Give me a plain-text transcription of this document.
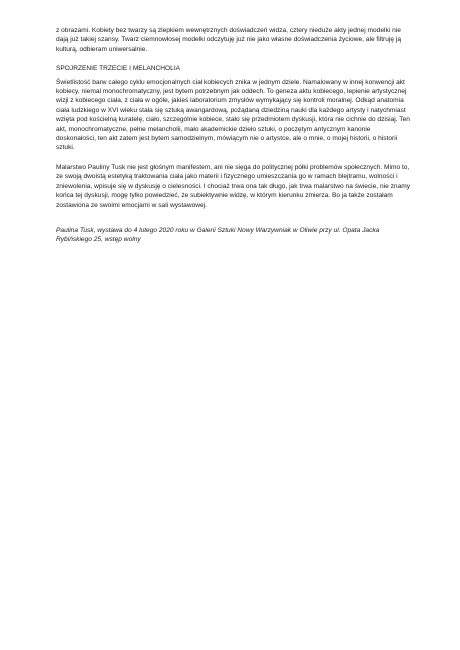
z obrazami. Kobiety bez twarzy są zlepkiem wewnętrznych doświadczeń widza, cztery nieduże akty jednej modelki nie dają już takiej szansy. Twarz ciemnowłosej modelki odczytuję już nie jako własne doświadczenia życiowe, ale filtruję ją kulturą, odbieram uniwersalnie.

SPOJRZENIE TRZECIE I MELANCHOLIA

Świetlistość barw całego cyklu emocjonalnych ciał kobiecych znika w jednym dziele. Namalowany w innej konwencji akt kobiecy, niemal monochromatyczny, jest bytem potrzebnym jak oddech. To geneza aktu kobiecego, lepienie artystycznej wizji z kobiecego ciała, z ciała w ogóle, jakieś laboratorium zmysłów wymykający się kontroli moralnej. Odkąd anatomia ciała ludzkiego w XVI wieku stała się sztuką awangardową, pożądaną dziedziną nauki dla każdego artysty i natychmiast wzięta pod kościelną kuratelę, ciało, szczególnie kobiece, stało się przedmiotem dyskusji, która nie cichnie do dzisiaj. Ten akt, monochromatyczne, pełne melancholii, mało akademickie dzieło sztuki, o poczętym antycznym kanonie doskonałości, ten akt zatem jest bytem samodzielnym, mówiącym nie o artystce, ale o mnie, o mojej historii, o historii sztuki.

Malarstwo Pauliny Tusk nie jest głośnym manifestem, ani nie sięga do politycznej półki problemów społecznych. Mimo to, ze swoją dwoistą estetyką traktowania ciała jako materii i fizycznego umieszczania go w ramach blejtramu, wolności i zniewolenia, wpisuje się w dyskusję o cielesności. I chociaż trwa ona tak długo, jak trwa malarstwo na świecie, nie znamy końca tej dyskusji, mogę tylko powiedzieć, że subiektywnie widzę, w którym kierunku zmierza. Bo ja także zostałam zostawiona ze swoimi emocjami w sali wystawowej.

Paulina Tusk, wystawa do 4 lutego 2020 roku w Galerii Sztuki Nowy Warzywniak w Oliwie przy ul. Opata Jacka Rybińskiego 25, wstęp wolny
